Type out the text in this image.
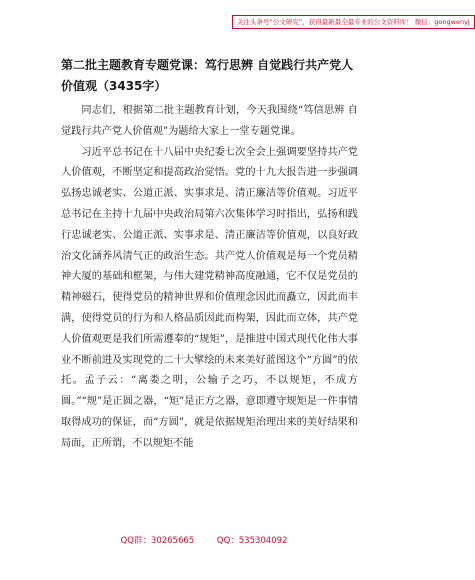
关注头条号“公文研究”，获得最新最全最专业的公文资料库！ 微信：gongwenyj
第二批主题教育专题党课：笃行思辨 自觉践行共产党人价值观（3435字）

同志们，根据第二批主题教育计划，今天我围绕“笃信思辨 自觉践行共产党人价值观”为题给大家上一堂专题党课。

习近平总书记在十八届中央纪委七次全会上强调要坚持共产党人价值观，不断坚定和提高政治觉悟。党的十九大报告进一步强调弘扬忠诚老实、公道正派、实事求是、清正廉洁等价值观。习近平总书记在主持十九届中央政治局第六次集体学习时指出，弘扬和践行忠诚老实、公道正派、实事求是、清正廉洁等价值观，以良好政治文化涵养风清气正的政治生态。共产党人价值观是每一个党员精神大厦的基础和框架，与伟大建党精神高度融通，它不仅是党员的精神磁石，使得党员的精神世界和价值理念因此而矗立，因此而丰满，使得党员的行为和人格品质因此而构架，因此而立体，共产党人价值观更是我们所需遵奉的“规矩”，是推进中国式现代化伟大事业不断前进及实现党的二十大擘绘的未来美好蓝图这个“方圆”的依托。孟子云：“离娄之明，公输子之巧，不以规矩，不成方圆。”“规”是正圆之器，“矩”是正方之器，意即遵守规矩是一件事情取得成功的保证，而“方圆”，就是依据规矩治理出来的美好结果和局面，正所谓，不以规矩不能

QQ群：30265665	QQ：535304092
